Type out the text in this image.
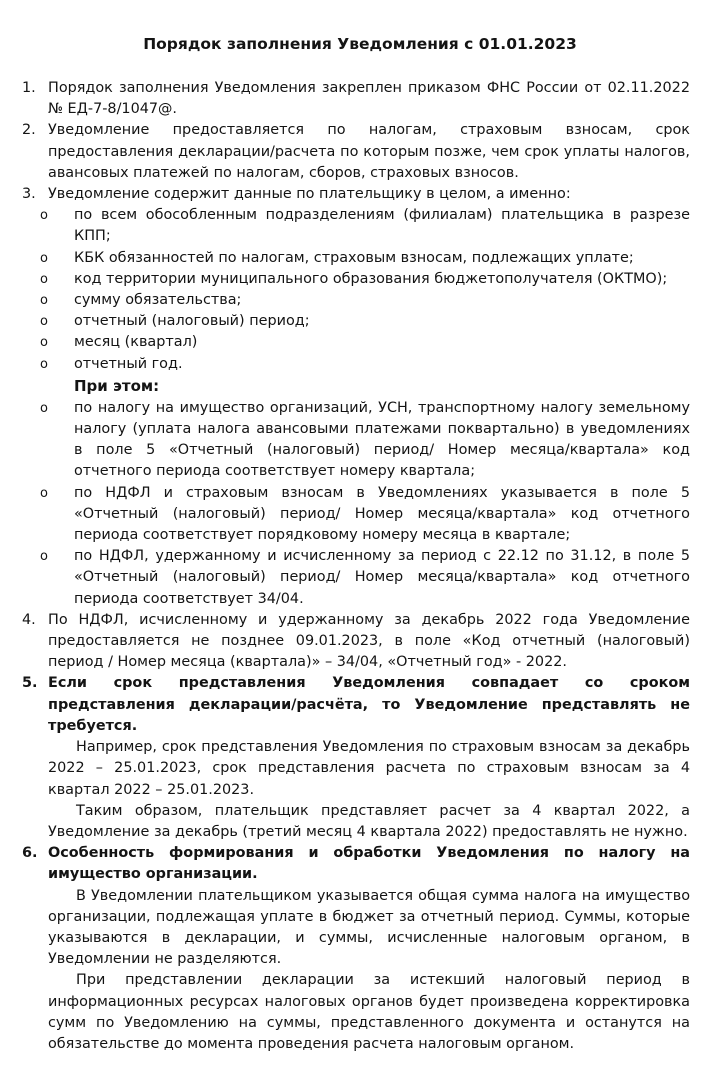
Порядок заполнения Уведомления с 01.01.2023
1. Порядок заполнения Уведомления закреплен приказом ФНС России от 02.11.2022 № ЕД-7-8/1047@.
2. Уведомление предоставляется по налогам, страховым взносам, срок предоставления декларации/расчета по которым позже, чем срок уплаты налогов, авансовых платежей по налогам, сборов, страховых взносов.
3. Уведомление содержит данные по плательщику в целом, а именно:
o	по всем обособленным подразделениям (филиалам) плательщика в разрезе КПП;
o	КБК обязанностей по налогам, страховым взносам, подлежащих уплате;
o	код территории муниципального образования бюджетополучателя (ОКТМО);
o	сумму обязательства;
o	отчетный (налоговый) период;
o	месяц (квартал)
o	отчетный год.
При этом:
o	по налогу на имущество организаций, УСН, транспортному налогу земельному налогу (уплата налога авансовыми платежами поквартально) в уведомлениях в поле 5 «Отчетный (налоговый) период/ Номер месяца/квартала» код отчетного периода соответствует номеру квартала;
o	по НДФЛ и страховым взносам в Уведомлениях указывается в поле 5 «Отчетный (налоговый) период/ Номер месяца/квартала» код отчетного периода соответствует порядковому номеру месяца в квартале;
o	по НДФЛ, удержанному и исчисленному за период с 22.12 по 31.12, в поле 5 «Отчетный (налоговый) период/ Номер месяца/квартала» код отчетного периода соответствует 34/04.
4. По НДФЛ, исчисленному и удержанному за декабрь 2022 года Уведомление предоставляется не позднее 09.01.2023, в поле «Код отчетный (налоговый) период / Номер месяца (квартала)» – 34/04, «Отчетный год» - 2022.
5. Если срок представления Уведомления совпадает со сроком представления декларации/расчёта, то Уведомление представлять не требуется.
Например, срок представления Уведомления по страховым взносам за декабрь 2022 – 25.01.2023, срок представления расчета по страховым взносам за 4 квартал 2022 – 25.01.2023.
Таким образом, плательщик представляет расчет за 4 квартал 2022, а Уведомление за декабрь (третий месяц 4 квартала 2022) предоставлять не нужно.
6. Особенность формирования и обработки Уведомления по налогу на имущество организации.
В Уведомлении плательщиком указывается общая сумма налога на имущество организации, подлежащая уплате в бюджет за отчетный период. Суммы, которые указываются в декларации, и суммы, исчисленные налоговым органом, в Уведомлении не разделяются.
При представлении декларации за истекший налоговый период в информационных ресурсах налоговых органов будет произведена корректировка сумм по Уведомлению на суммы, представленного документа и останутся на обязательстве до момента проведения расчета налоговым органом.
